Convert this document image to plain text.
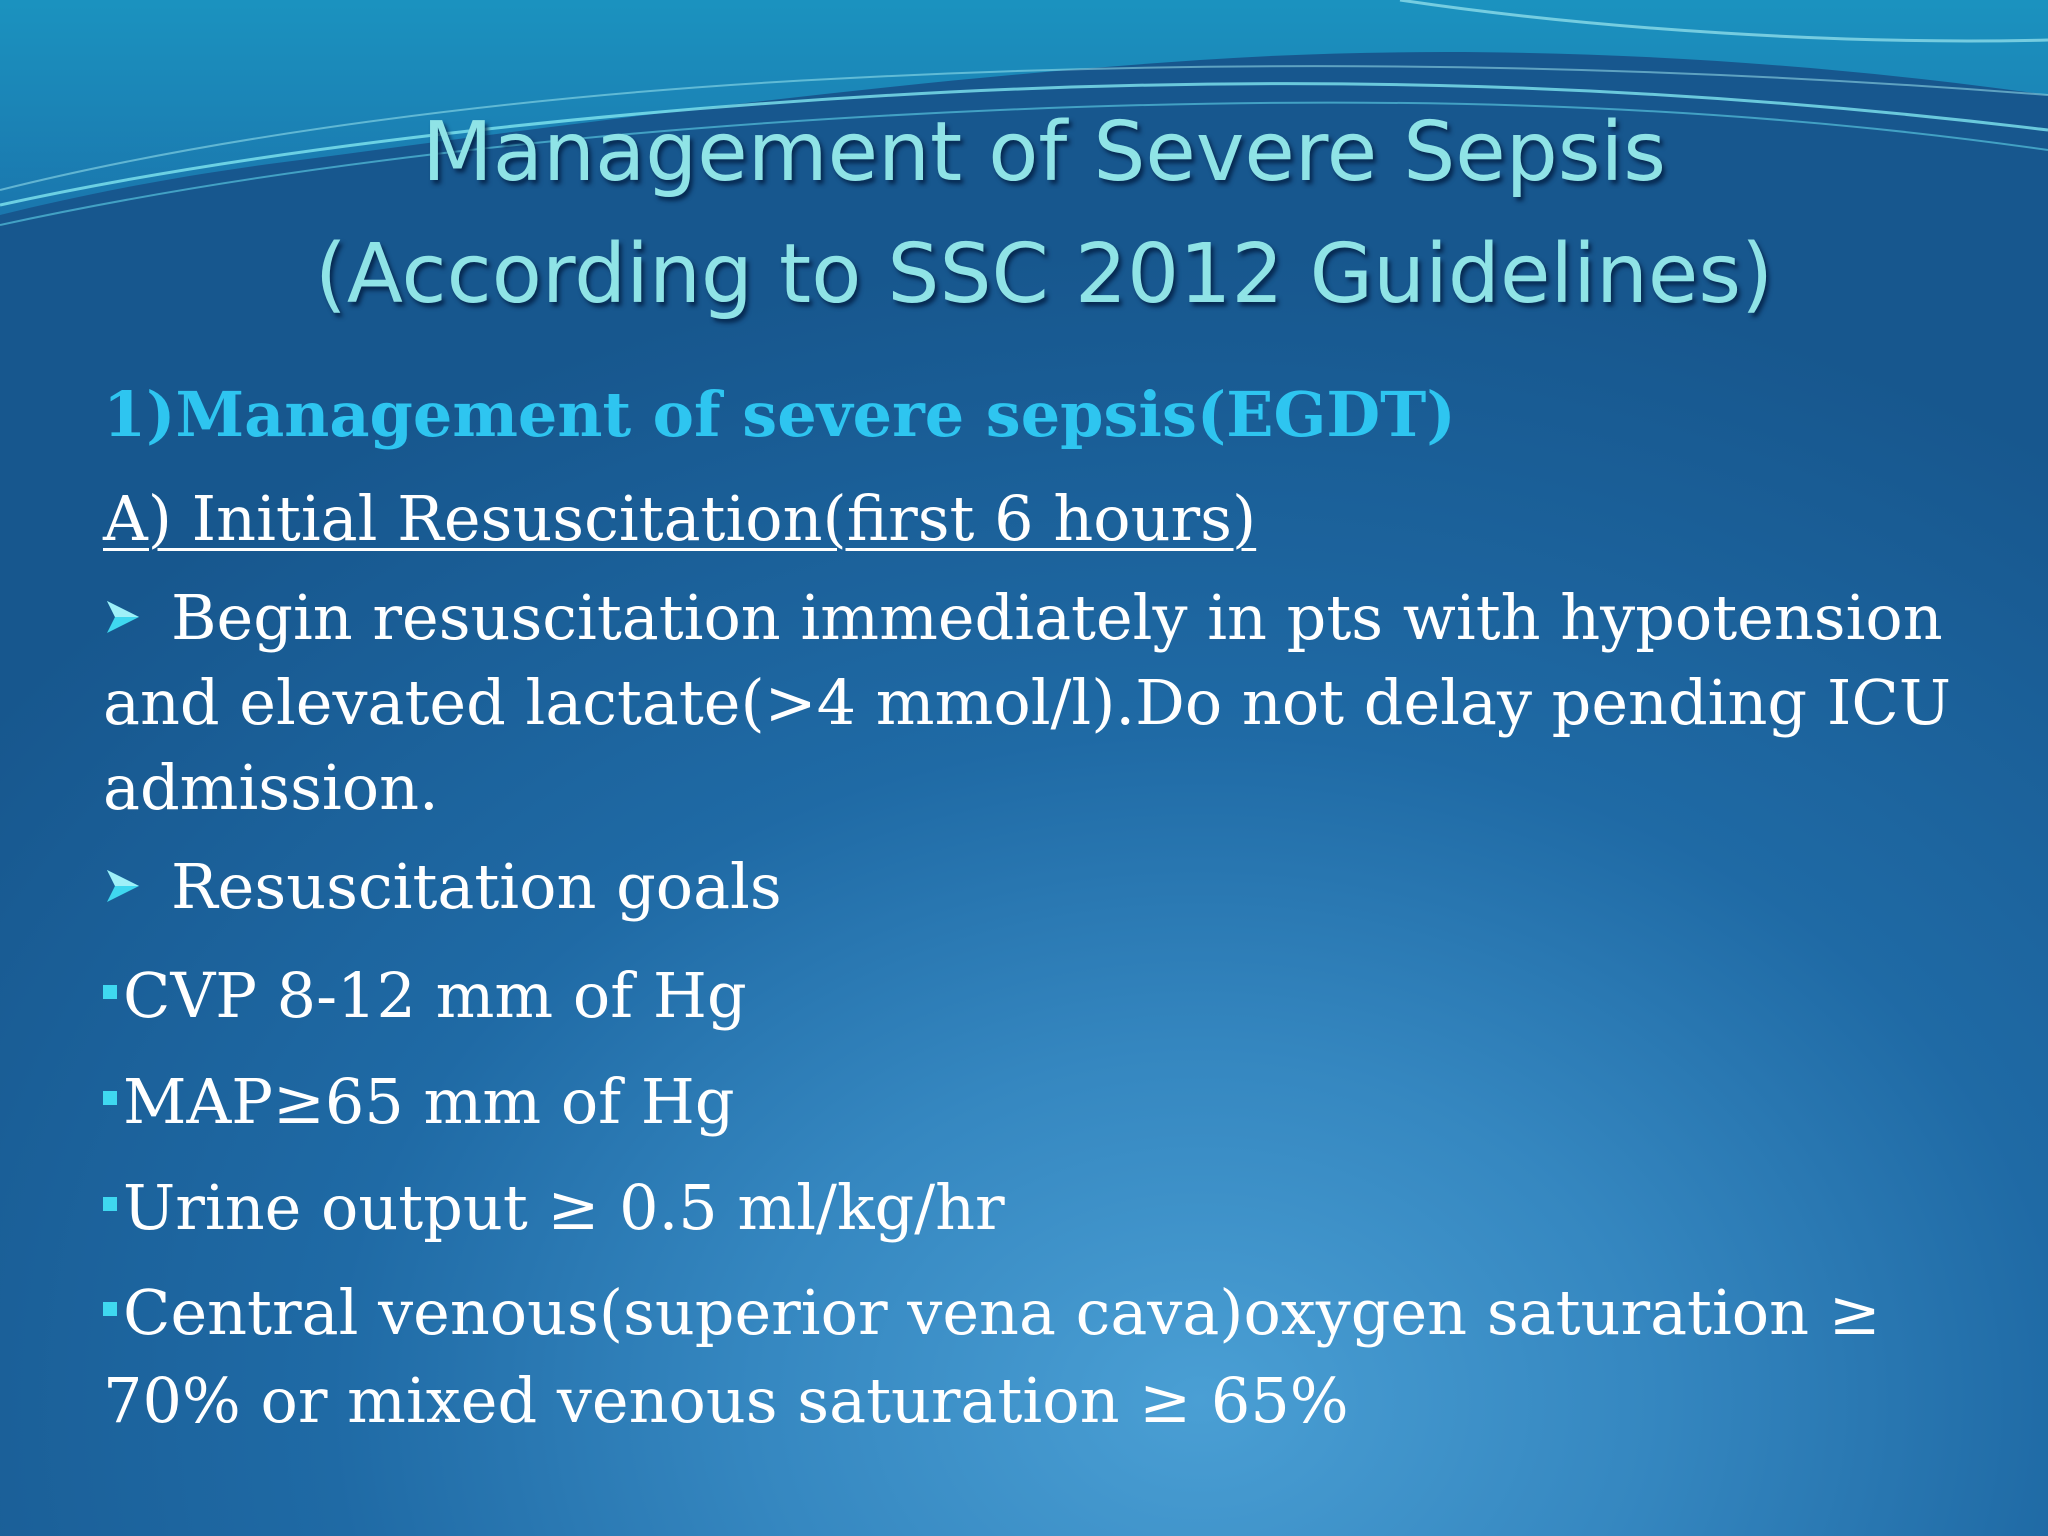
Management of Severe Sepsis
(According to SSC 2012 Guidelines)
1)Management of severe sepsis(EGDT)
A) Initial Resuscitation(first 6 hours)
Begin resuscitation immediately in pts with hypotension and elevated lactate(>4 mmol/l).Do not delay pending ICU admission.
Resuscitation goals
CVP 8-12 mm of Hg
MAP≥65 mm of Hg
Urine output ≥ 0.5 ml/kg/hr
Central venous(superior vena cava)oxygen saturation ≥ 70% or mixed venous saturation ≥ 65%
